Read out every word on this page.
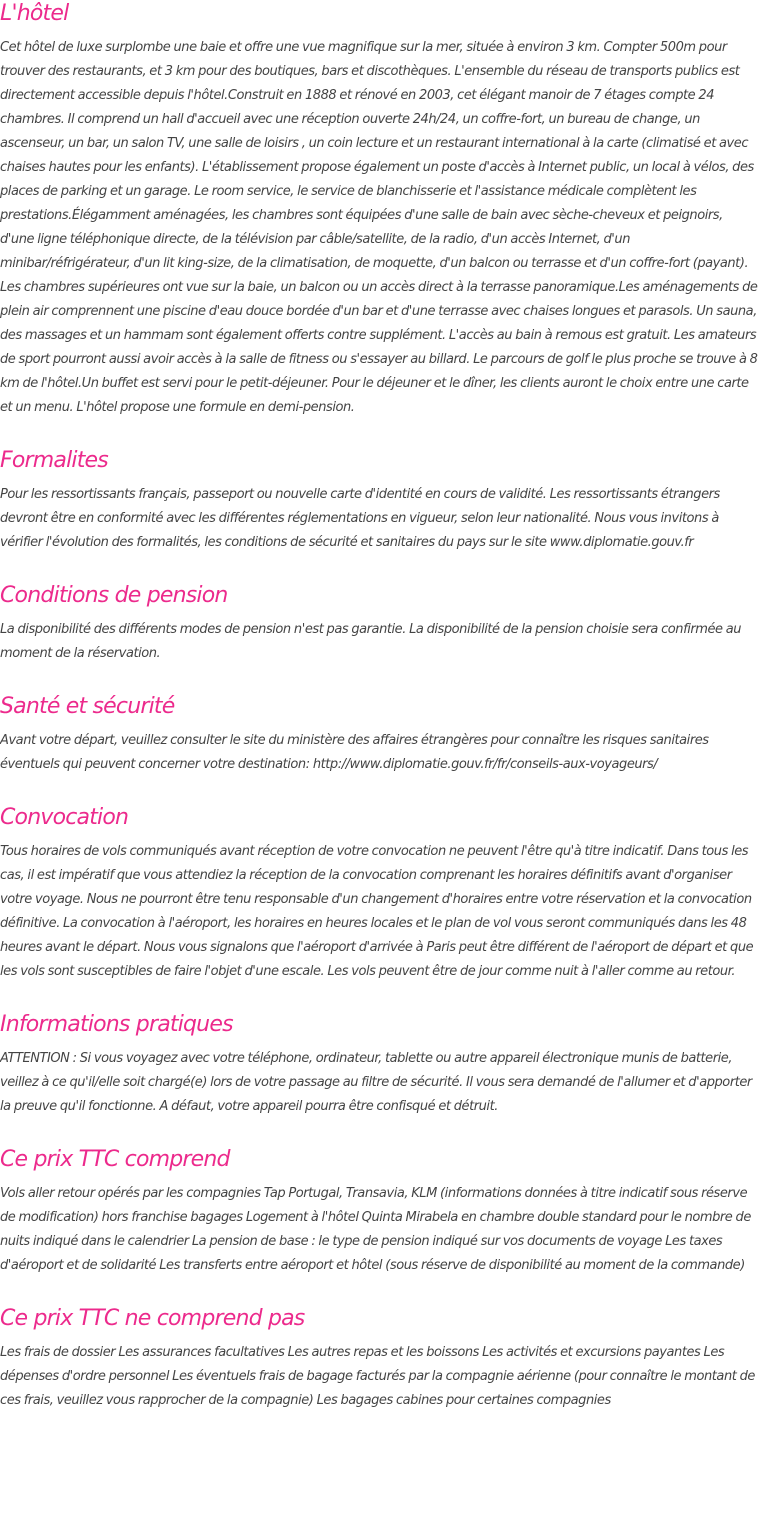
L'hôtel

Cet hôtel de luxe surplombe une baie et offre une vue magnifique sur la mer, située à environ 3 km. Compter 500m pour trouver des restaurants, et 3 km pour des boutiques, bars et discothèques. L'ensemble du réseau de transports publics est directement accessible depuis l'hôtel.Construit en 1888 et rénové en 2003, cet élégant manoir de 7 étages compte 24 chambres. Il comprend un hall d'accueil avec une réception ouverte 24h/24, un coffre-fort, un bureau de change, un ascenseur, un bar, un salon TV, une salle de loisirs , un coin lecture et un restaurant international à la carte (climatisé et avec chaises hautes pour les enfants). L'établissement propose également un poste d'accès à Internet public, un local à vélos, des places de parking et un garage. Le room service, le service de blanchisserie et l'assistance médicale complètent les prestations.Élégamment aménagées, les chambres sont équipées d'une salle de bain avec sèche-cheveux et peignoirs, d'une ligne téléphonique directe, de la télévision par câble/satellite, de la radio, d'un accès Internet, d'un minibar/réfrigérateur, d'un lit king-size, de la climatisation, de moquette, d'un balcon ou terrasse et d'un coffre-fort (payant). Les chambres supérieures ont vue sur la baie, un balcon ou un accès direct à la terrasse panoramique.Les aménagements de plein air comprennent une piscine d'eau douce bordée d'un bar et d'une terrasse avec chaises longues et parasols. Un sauna, des massages et un hammam sont également offerts contre supplément. L'accès au bain à remous est gratuit. Les amateurs de sport pourront aussi avoir accès à la salle de fitness ou s'essayer au billard. Le parcours de golf le plus proche se trouve à 8 km de l'hôtel.Un buffet est servi pour le petit-déjeuner. Pour le déjeuner et le dîner, les clients auront le choix entre une carte et un menu. L'hôtel propose une formule en demi-pension.

Formalites

Pour les ressortissants français, passeport ou nouvelle carte d'identité en cours de validité. Les ressortissants étrangers devront être en conformité avec les différentes réglementations en vigueur, selon leur nationalité. Nous vous invitons à vérifier l'évolution des formalités, les conditions de sécurité et sanitaires du pays sur le site www.diplomatie.gouv.fr

Conditions de pension

La disponibilité des différents modes de pension n'est pas garantie. La disponibilité de la pension choisie sera confirmée au moment de la réservation.

Santé et sécurité

Avant votre départ, veuillez consulter le site du ministère des affaires étrangères pour connaître les risques sanitaires éventuels qui peuvent concerner votre destination: http://www.diplomatie.gouv.fr/fr/conseils-aux-voyageurs/

Convocation

Tous horaires de vols communiqués avant réception de votre convocation ne peuvent l'être qu'à titre indicatif. Dans tous les cas, il est impératif que vous attendiez la réception de la convocation comprenant les horaires définitifs avant d'organiser votre voyage. Nous ne pourront être tenu responsable d'un changement d'horaires entre votre réservation et la convocation définitive. La convocation à l'aéroport, les horaires en heures locales et le plan de vol vous seront communiqués dans les 48 heures avant le départ. Nous vous signalons que l'aéroport d'arrivée à Paris peut être différent de l'aéroport de départ et que les vols sont susceptibles de faire l'objet d'une escale. Les vols peuvent être de jour comme nuit à l'aller comme au retour.

Informations pratiques

ATTENTION : Si vous voyagez avec votre téléphone, ordinateur, tablette ou autre appareil électronique munis de batterie, veillez à ce qu'il/elle soit chargé(e) lors de votre passage au filtre de sécurité. Il vous sera demandé de l'allumer et d'apporter la preuve qu'il fonctionne. A défaut, votre appareil pourra être confisqué et détruit.

Ce prix TTC comprend

Vols aller retour opérés par les compagnies Tap Portugal, Transavia, KLM (informations données à titre indicatif sous réserve de modification) hors franchise bagages Logement à l'hôtel Quinta Mirabela en chambre double standard pour le nombre de nuits indiqué dans le calendrier La pension de base : le type de pension indiqué sur vos documents de voyage Les taxes d'aéroport et de solidarité Les transferts entre aéroport et hôtel (sous réserve de disponibilité au moment de la commande)

Ce prix TTC ne comprend pas

Les frais de dossier Les assurances facultatives Les autres repas et les boissons Les activités et excursions payantes Les dépenses d'ordre personnel Les éventuels frais de bagage facturés par la compagnie aérienne (pour connaître le montant de ces frais, veuillez vous rapprocher de la compagnie) Les bagages cabines pour certaines compagnies
